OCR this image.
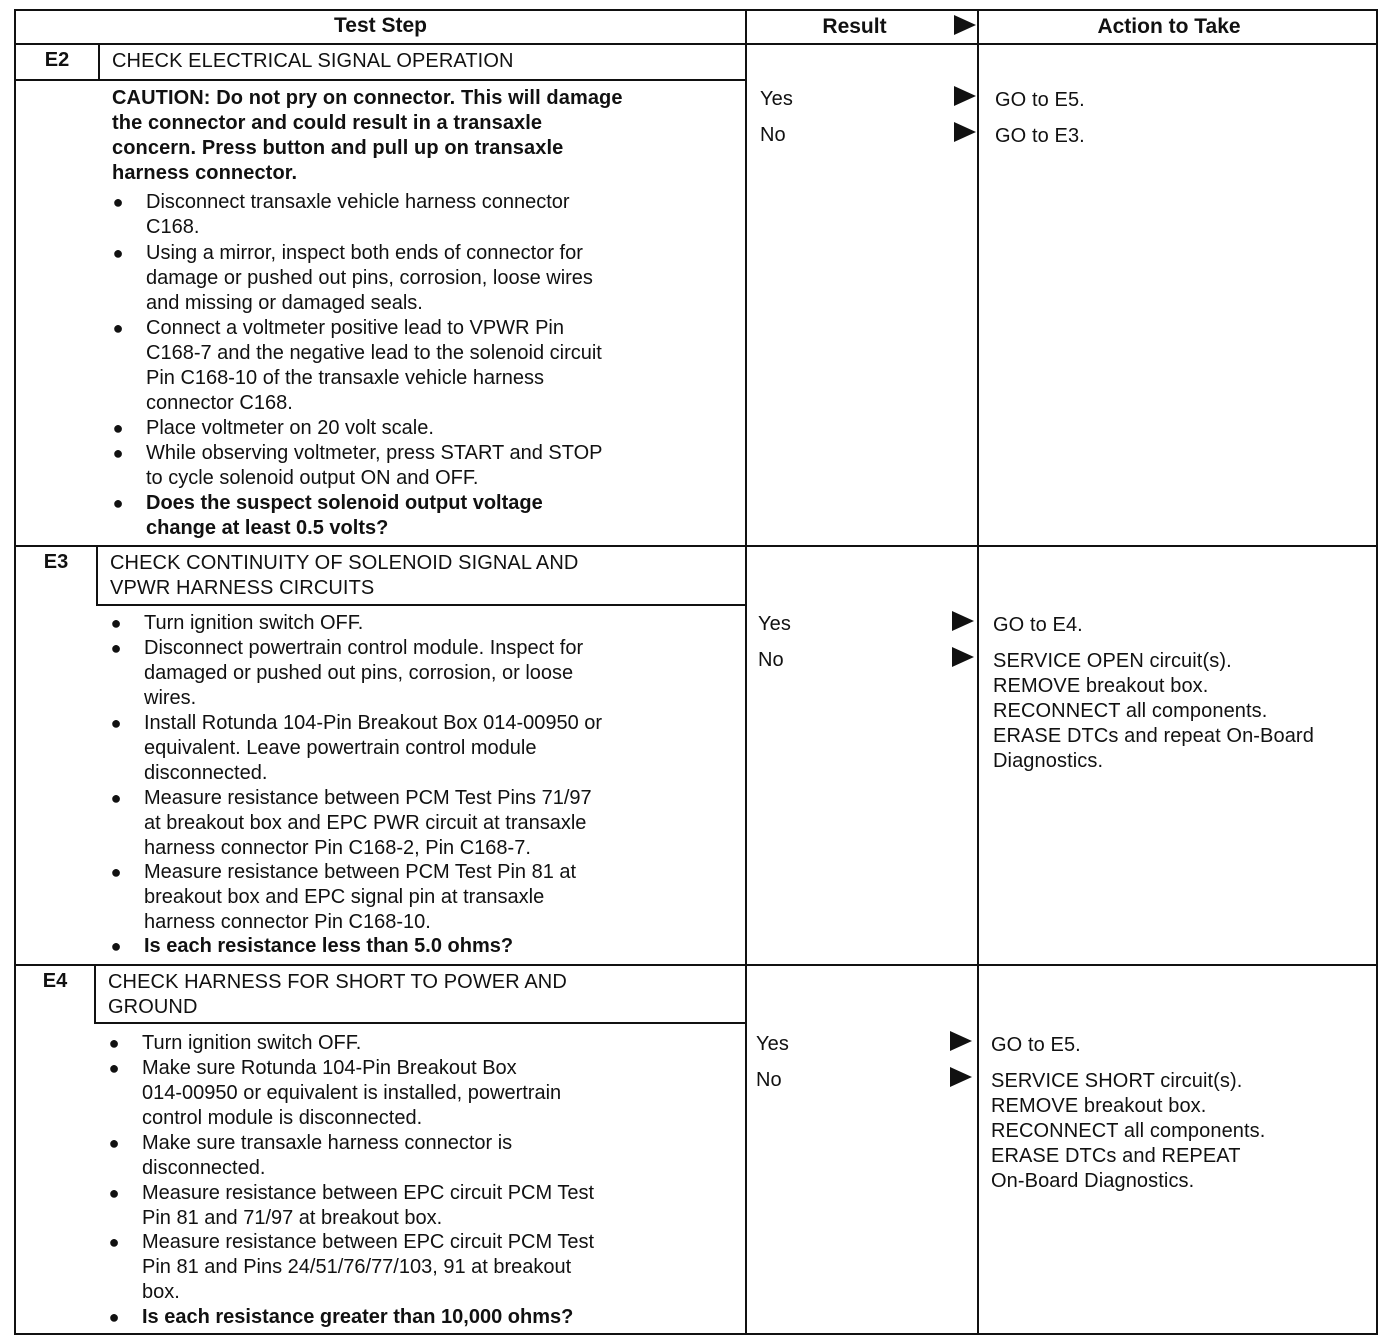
Test Step	Result	Action to Take
E2	CHECK ELECTRICAL SIGNAL OPERATION
CAUTION: Do not pry on connector. This will damage
the connector and could result in a transaxle
concern. Press button and pull up on transaxle
harness connector.
● Disconnect transaxle vehicle harness connector
C168.
● Using a mirror, inspect both ends of connector for
damage or pushed out pins, corrosion, loose wires
and missing or damaged seals.
● Connect a voltmeter positive lead to VPWR Pin
C168-7 and the negative lead to the solenoid circuit
Pin C168-10 of the transaxle vehicle harness
connector C168.
● Place voltmeter on 20 volt scale.
● While observing voltmeter, press START and STOP
to cycle solenoid output ON and OFF.
● Does the suspect solenoid output voltage
change at least 0.5 volts?
Yes	GO to E5.
No	GO to E3.
E3	CHECK CONTINUITY OF SOLENOID SIGNAL AND
VPWR HARNESS CIRCUITS
● Turn ignition switch OFF.
● Disconnect powertrain control module. Inspect for
damaged or pushed out pins, corrosion, or loose
wires.
● Install Rotunda 104-Pin Breakout Box 014-00950 or
equivalent. Leave powertrain control module
disconnected.
● Measure resistance between PCM Test Pins 71/97
at breakout box and EPC PWR circuit at transaxle
harness connector Pin C168-2, Pin C168-7.
● Measure resistance between PCM Test Pin 81 at
breakout box and EPC signal pin at transaxle
harness connector Pin C168-10.
● Is each resistance less than 5.0 ohms?
Yes	GO to E4.
No	SERVICE OPEN circuit(s).
REMOVE breakout box.
RECONNECT all components.
ERASE DTCs and repeat On-Board
Diagnostics.
E4	CHECK HARNESS FOR SHORT TO POWER AND
GROUND
● Turn ignition switch OFF.
● Make sure Rotunda 104-Pin Breakout Box
014-00950 or equivalent is installed, powertrain
control module is disconnected.
● Make sure transaxle harness connector is
disconnected.
● Measure resistance between EPC circuit PCM Test
Pin 81 and 71/97 at breakout box.
● Measure resistance between EPC circuit PCM Test
Pin 81 and Pins 24/51/76/77/103, 91 at breakout
box.
● Is each resistance greater than 10,000 ohms?
Yes	GO to E5.
No	SERVICE SHORT circuit(s).
REMOVE breakout box.
RECONNECT all components.
ERASE DTCs and REPEAT
On-Board Diagnostics.
